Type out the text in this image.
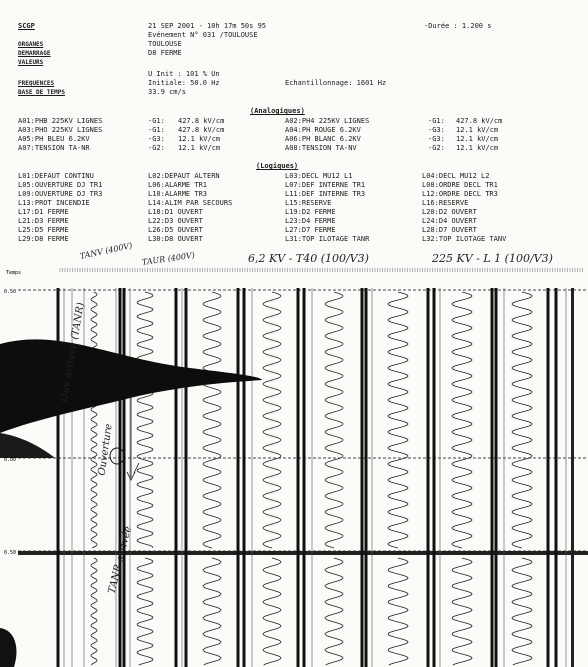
SCGP	21 SEP 2001 - 10h 17m 50s 95
Evénement N° 031 /TOULOUSE
-Durée : 1.200 s
ORGANES	TOULOUSE
DEMARRAGE	D8 FERME
VALEURS
U Init : 101 % Un
FREQUENCES	Initiale: 50.0 Hz	Echantillonnage: 1601 Hz
BASE DE TEMPS	33.9 cm/s
(Analogiques)
A01:PHB 225KV LIGNES	-G1: 427.8 kV/cm	A02:PH4 225KV LIGNES	-G1: 427.8 kV/cm
A03:PHO 225KV LIGNES	-G1: 427.8 kV/cm	A04:PH ROUGE 6.2KV	-G3: 12.1 kV/cm
A05:PH BLEU 6.2KV	-G3: 12.1 kV/cm	A06:PH BLANC 6.2KV	-G3: 12.1 kV/cm
A07:TENSION TA-NR	-G2: 12.1 kV/cm	A08:TENSION TA-NV	-G2: 12.1 kV/cm
(Logiques)
L01:DEFAUT CONTINU	L02:DEPAUT ALTERN	L03:DECL MU12 L1	L04:DECL MU12 L2
L05:OUVERTURE DJ TR1	L06:ALARME TR1	L07:DEF INTERNE TR1	L08:ORDRE DECL TR1
L09:OUVERTURE DJ TR3	L10:ALARME TR3	L11:DEF INTERNE TR3	L12:ORDRE DECL TR3
L13:PROT INCENDIE	L14:ALIM PAR SECOURS	L15:RESERVE	L16:RESERVE
L17:D1 FERME	L18:D1 OUVERT	L19:D2 FERME	L20:D2 OUVERT
L21:D3 FERME	L22:D3 OUVERT	L23:D4 FERME	L24:D4 OUVERT
L25:D5 FERME	L26:D5 OUVERT	L27:D7 FERME	L28:D7 OUVERT
L29:D8 FERME	L30:D8 OUVERT	L31:TOP ILOTAGE TANR	L32:TOP ILOTAGE TANV
TANV (400V) TAUR (400V)	6,2 KV - T40 (100/V3)	225 KV - L 1 (100/V3)
Temps
0.50
0.00
0.50
Ouv arrivée (TANR)
Ouverture
TANR arrivée
